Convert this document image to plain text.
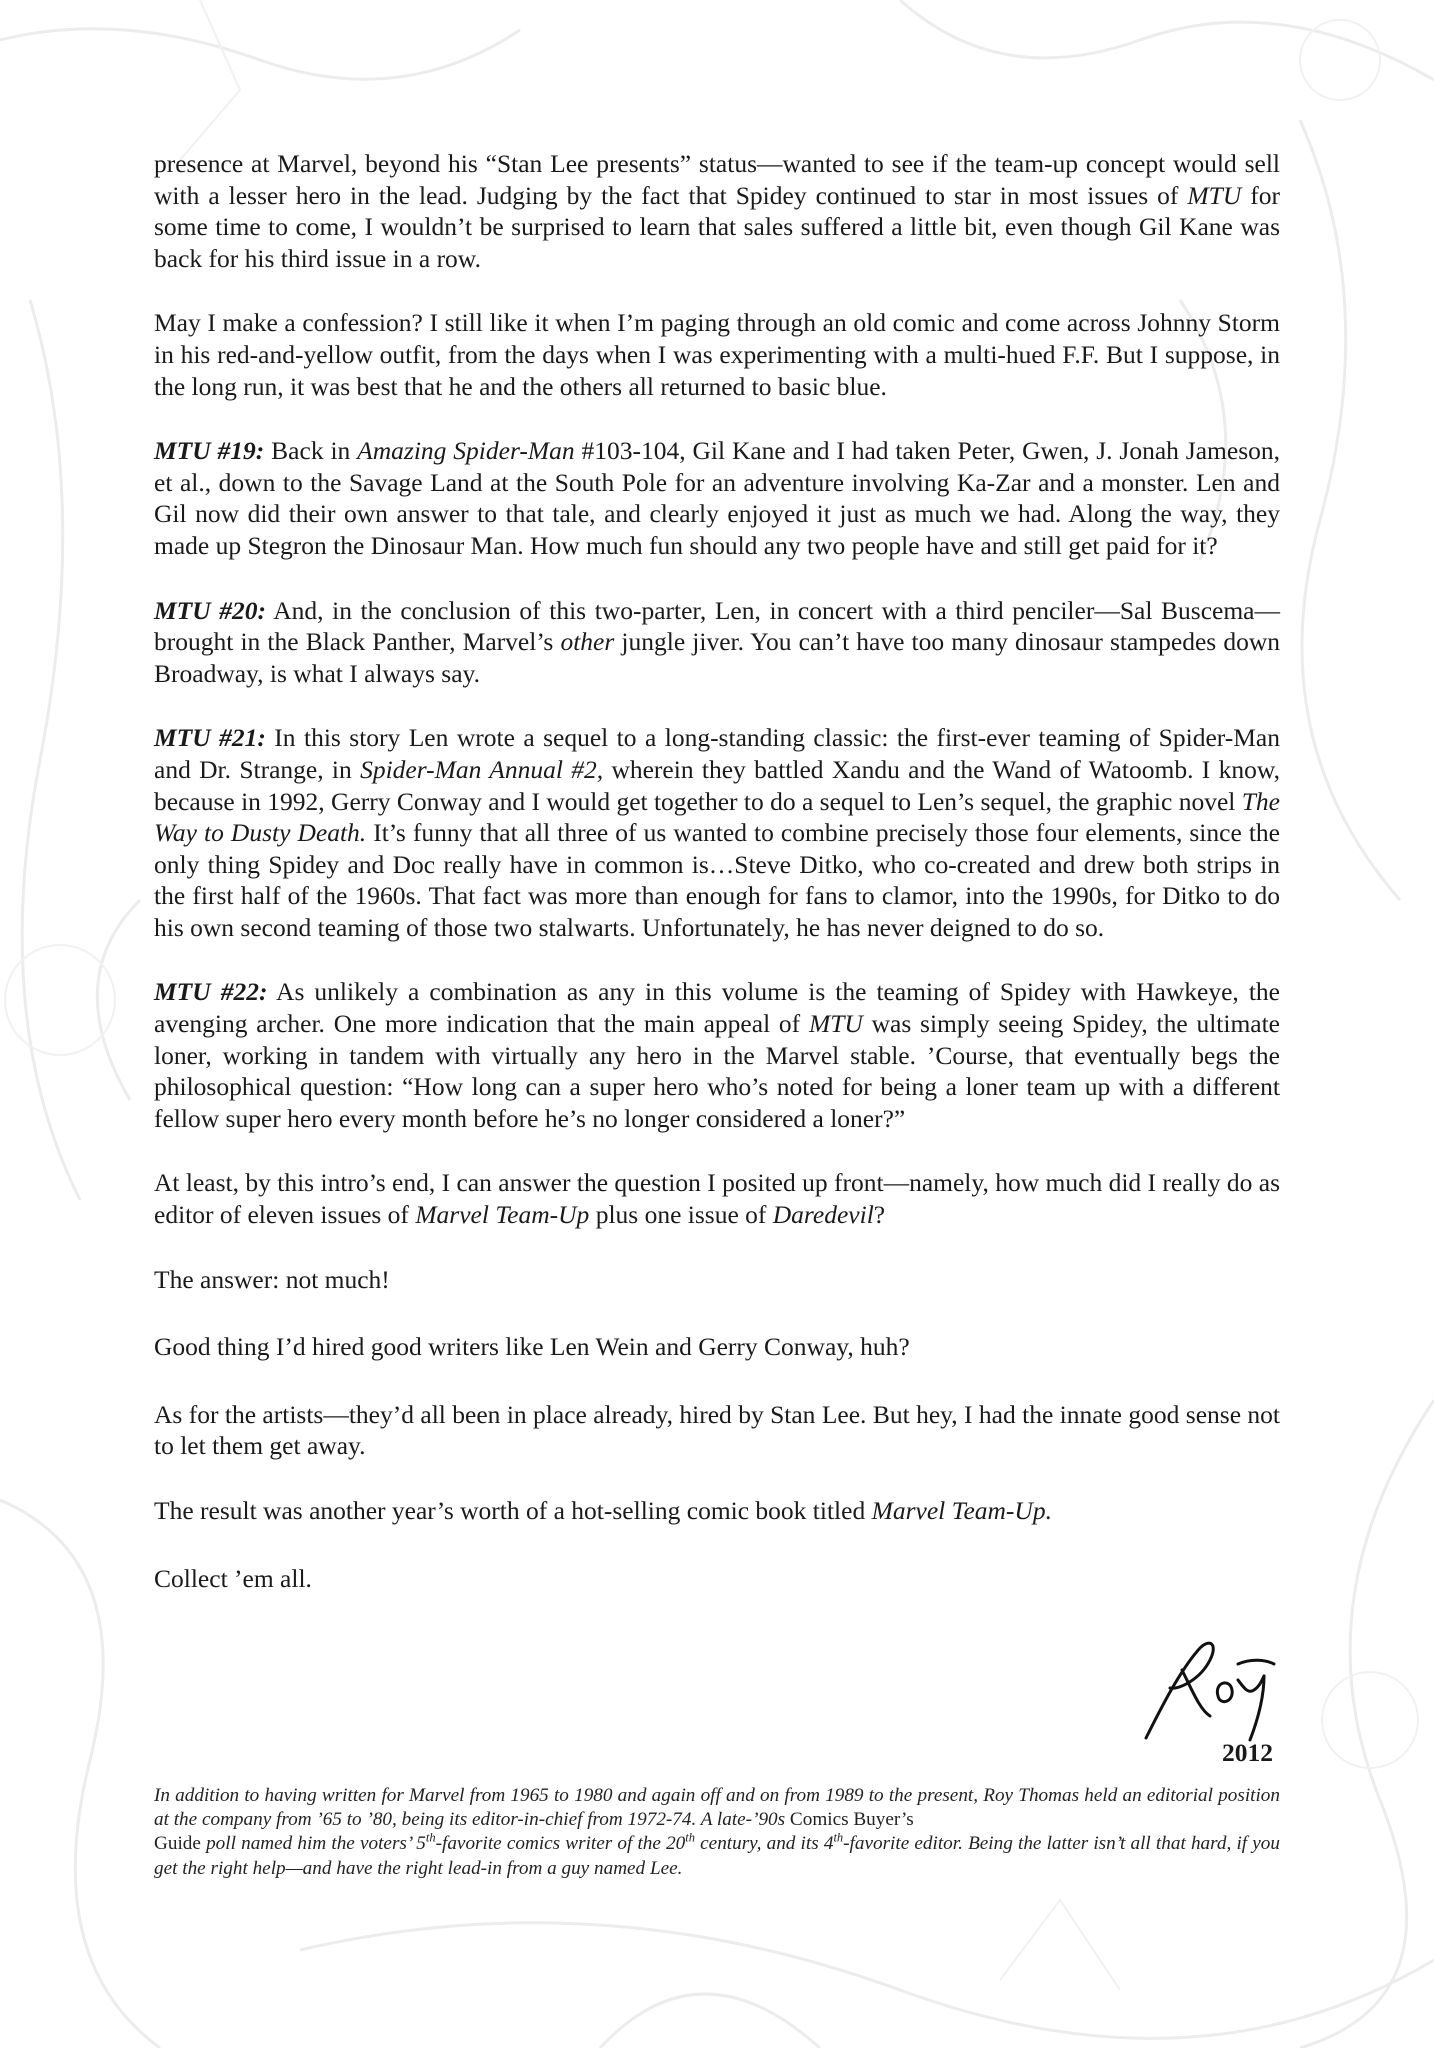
presence at Marvel, beyond his “Stan Lee presents” status—wanted to see if the team-up concept would sell with a lesser hero in the lead. Judging by the fact that Spidey continued to star in most issues of MTU for some time to come, I wouldn’t be surprised to learn that sales suffered a little bit, even though Gil Kane was back for his third issue in a row.

May I make a confession? I still like it when I’m paging through an old comic and come across Johnny Storm in his red-and-yellow outfit, from the days when I was experimenting with a multi-hued F.F. But I suppose, in the long run, it was best that he and the others all returned to basic blue.

MTU #19: Back in Amazing Spider-Man #103-104, Gil Kane and I had taken Peter, Gwen, J. Jonah Jameson, et al., down to the Savage Land at the South Pole for an adventure involving Ka-Zar and a monster. Len and Gil now did their own answer to that tale, and clearly enjoyed it just as much we had. Along the way, they made up Stegron the Dinosaur Man. How much fun should any two people have and still get paid for it?

MTU #20: And, in the conclusion of this two-parter, Len, in concert with a third penciler—Sal Buscema—brought in the Black Panther, Marvel’s other jungle jiver. You can’t have too many dinosaur stampedes down Broadway, is what I always say.

MTU #21: In this story Len wrote a sequel to a long-standing classic: the first-ever teaming of Spider-Man and Dr. Strange, in Spider-Man Annual #2, wherein they battled Xandu and the Wand of Watoomb. I know, because in 1992, Gerry Conway and I would get together to do a sequel to Len’s sequel, the graphic novel The Way to Dusty Death. It’s funny that all three of us wanted to combine precisely those four elements, since the only thing Spidey and Doc really have in common is…Steve Ditko, who co-created and drew both strips in the first half of the 1960s. That fact was more than enough for fans to clamor, into the 1990s, for Ditko to do his own second teaming of those two stalwarts. Unfortunately, he has never deigned to do so.

MTU #22: As unlikely a combination as any in this volume is the teaming of Spidey with Hawkeye, the avenging archer. One more indication that the main appeal of MTU was simply seeing Spidey, the ultimate loner, working in tandem with virtually any hero in the Marvel stable. ’Course, that eventually begs the philosophical question: “How long can a super hero who’s noted for being a loner team up with a different fellow super hero every month before he’s no longer considered a loner?”

At least, by this intro’s end, I can answer the question I posited up front—namely, how much did I really do as editor of eleven issues of Marvel Team-Up plus one issue of Daredevil?

The answer: not much!

Good thing I’d hired good writers like Len Wein and Gerry Conway, huh?

As for the artists—they’d all been in place already, hired by Stan Lee. But hey, I had the innate good sense not to let them get away.

The result was another year’s worth of a hot-selling comic book titled Marvel Team-Up.

Collect ’em all.

2012
In addition to having written for Marvel from 1965 to 1980 and again off and on from 1989 to the present, Roy Thomas held an editorial position at the company from ’65 to ’80, being its editor-in-chief from 1972-74. A late-’90s Comics Buyer’s
Guide poll named him the voters’ 5th-favorite comics writer of the 20th century, and its 4th-favorite editor. Being the latter isn’t all that hard, if you get the right help—and have the right lead-in from a guy named Lee.
